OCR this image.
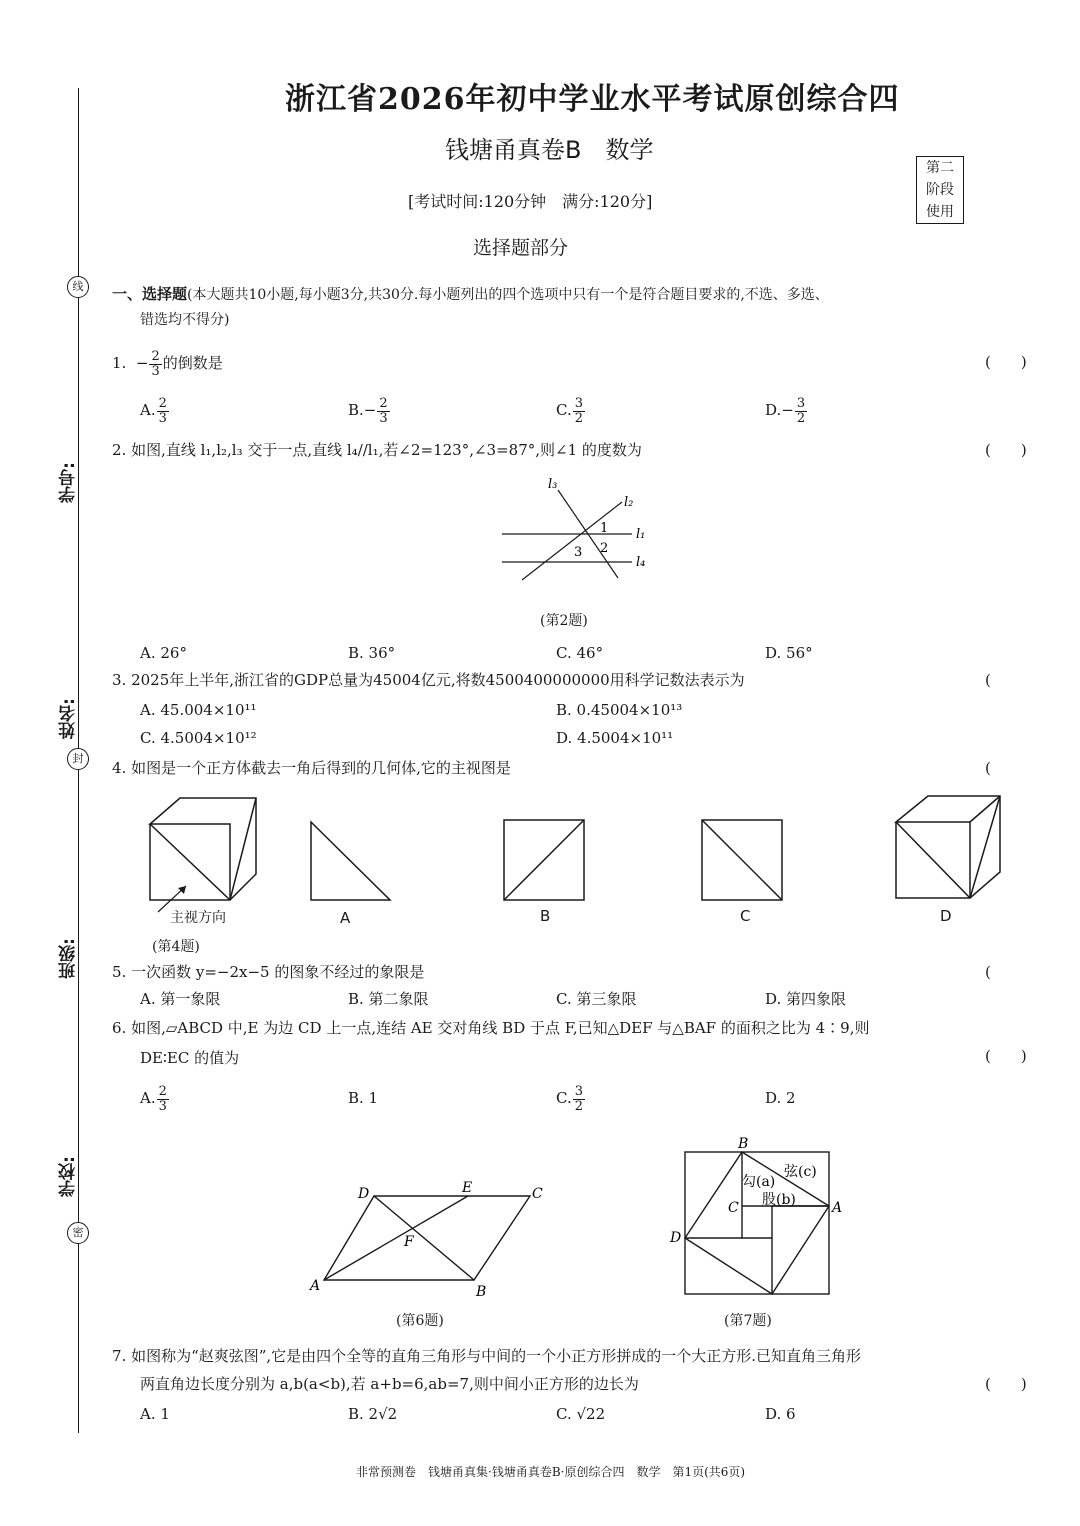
线
封
密
学号:
姓名:
班级:
学校:
浙江省2026年初中学业水平考试原创综合四
钱塘甬真卷B　数学
第二
阶段
使用
[考试时间:120分钟　满分:120分]
选择题部分
一、选择题(本大题共10小题,每小题3分,共30分.每小题列出的四个选项中只有一个是符合题目要求的,不选、多选、
错选均不得分)
1. − $\frac{2}{3}$ 的倒数是	(　　)
A. $\frac{2}{3}$	$B.- \frac{2}{3}$	C. $\frac{3}{2}$	$D.- \frac{3}{2}$
2. 如图,直线 l₁,l₂,l₃ 交于一点,直线 l₄//l₁,若∠2=123°,∠3=87°,则∠1 的度数为	(　　)
l₃
l₂
l₁
l₄
1
2
3
(第2题)
A. 26°	B. 36°	C. 46°	D. 56°
3. 2025年上半年,浙江省的GDP总量为45004亿元,将数4500400000000用科学记数法表示为	(
A. 45.004×10¹¹	B. 0.45004×10¹³
C. 4.5004×10¹²	D. 4.5004×10¹¹
4. 如图是一个正方体截去一角后得到的几何体,它的主视图是	(
主视方向
(第4题)
A	B	C	D
5. 一次函数 y=−2x−5 的图象不经过的象限是	(
A. 第一象限	B. 第二象限	C. 第三象限	D. 第四象限
6. 如图,▱ABCD 中,E 为边 CD 上一点,连结 AE 交对角线 BD 于点 F,已知△DEF 与△BAF 的面积之比为 4∶9,则
DE∶EC 的值为	(　　)
A. $\frac{2}{3}$	B. 1	C. $\frac{3}{2}$	D. 2
D	E	C
F
A	B
(第6题)
B
A
C
D
勾(a)
弦(c)
股(b)
(第7题)
7. 如图称为“赵爽弦图”,它是由四个全等的直角三角形与中间的一个小正方形拼成的一个大正方形.已知直角三角形
两直角边长度分别为 a,b(a<b),若 a+b=6,ab=7,则中间小正方形的边长为	(　　)
A. 1	B. 2√2	C. √22	D. 6
非常预测卷　钱塘甬真集·钱塘甬真卷B·原创综合四　数学　第1页(共6页)
